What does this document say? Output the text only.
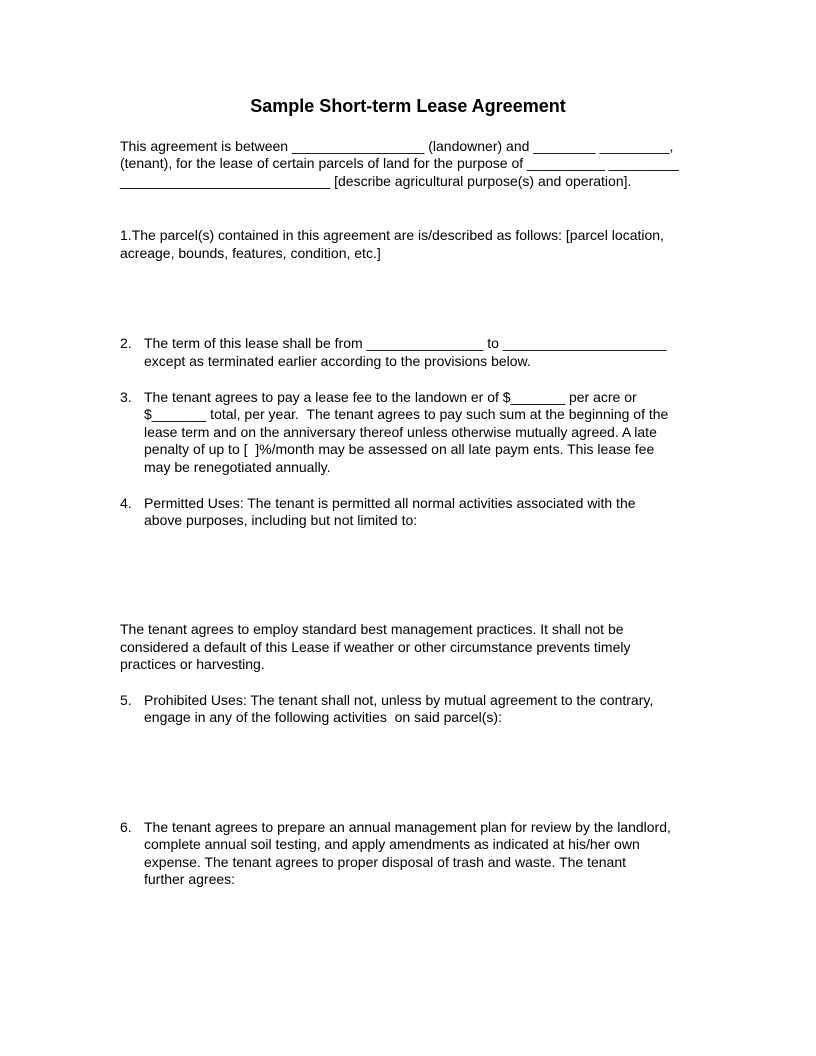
Sample Short-term Lease Agreement
This agreement is between _________________ (landowner) and ________ _________,
(tenant), for the lease of certain parcels of land for the purpose of __________ _________
___________________________ [describe agricultural purpose(s) and operation].
1.The parcel(s) contained in this agreement are is/described as follows: [parcel location,
acreage, bounds, features, condition, etc.]
2. The term of this lease shall be from _______________ to _____________________
except as terminated earlier according to the provisions below.
3. The tenant agrees to pay a lease fee to the landown er of $_______ per acre or
$_______ total, per year.  The tenant agrees to pay such sum at the beginning of the
lease term and on the anniversary thereof unless otherwise mutually agreed. A late
penalty of up to [  ]%/month may be assessed on all late paym ents. This lease fee
may be renegotiated annually.
4. Permitted Uses: The tenant is permitted all normal activities associated with the
above purposes, including but not limited to:
The tenant agrees to employ standard best management practices. It shall not be
considered a default of this Lease if weather or other circumstance prevents timely
practices or harvesting.
5. Prohibited Uses: The tenant shall not, unless by mutual agreement to the contrary,
engage in any of the following activities  on said parcel(s):
6. The tenant agrees to prepare an annual management plan for review by the landlord,
complete annual soil testing, and apply amendments as indicated at his/her own
expense. The tenant agrees to proper disposal of trash and waste. The tenant
further agrees:
